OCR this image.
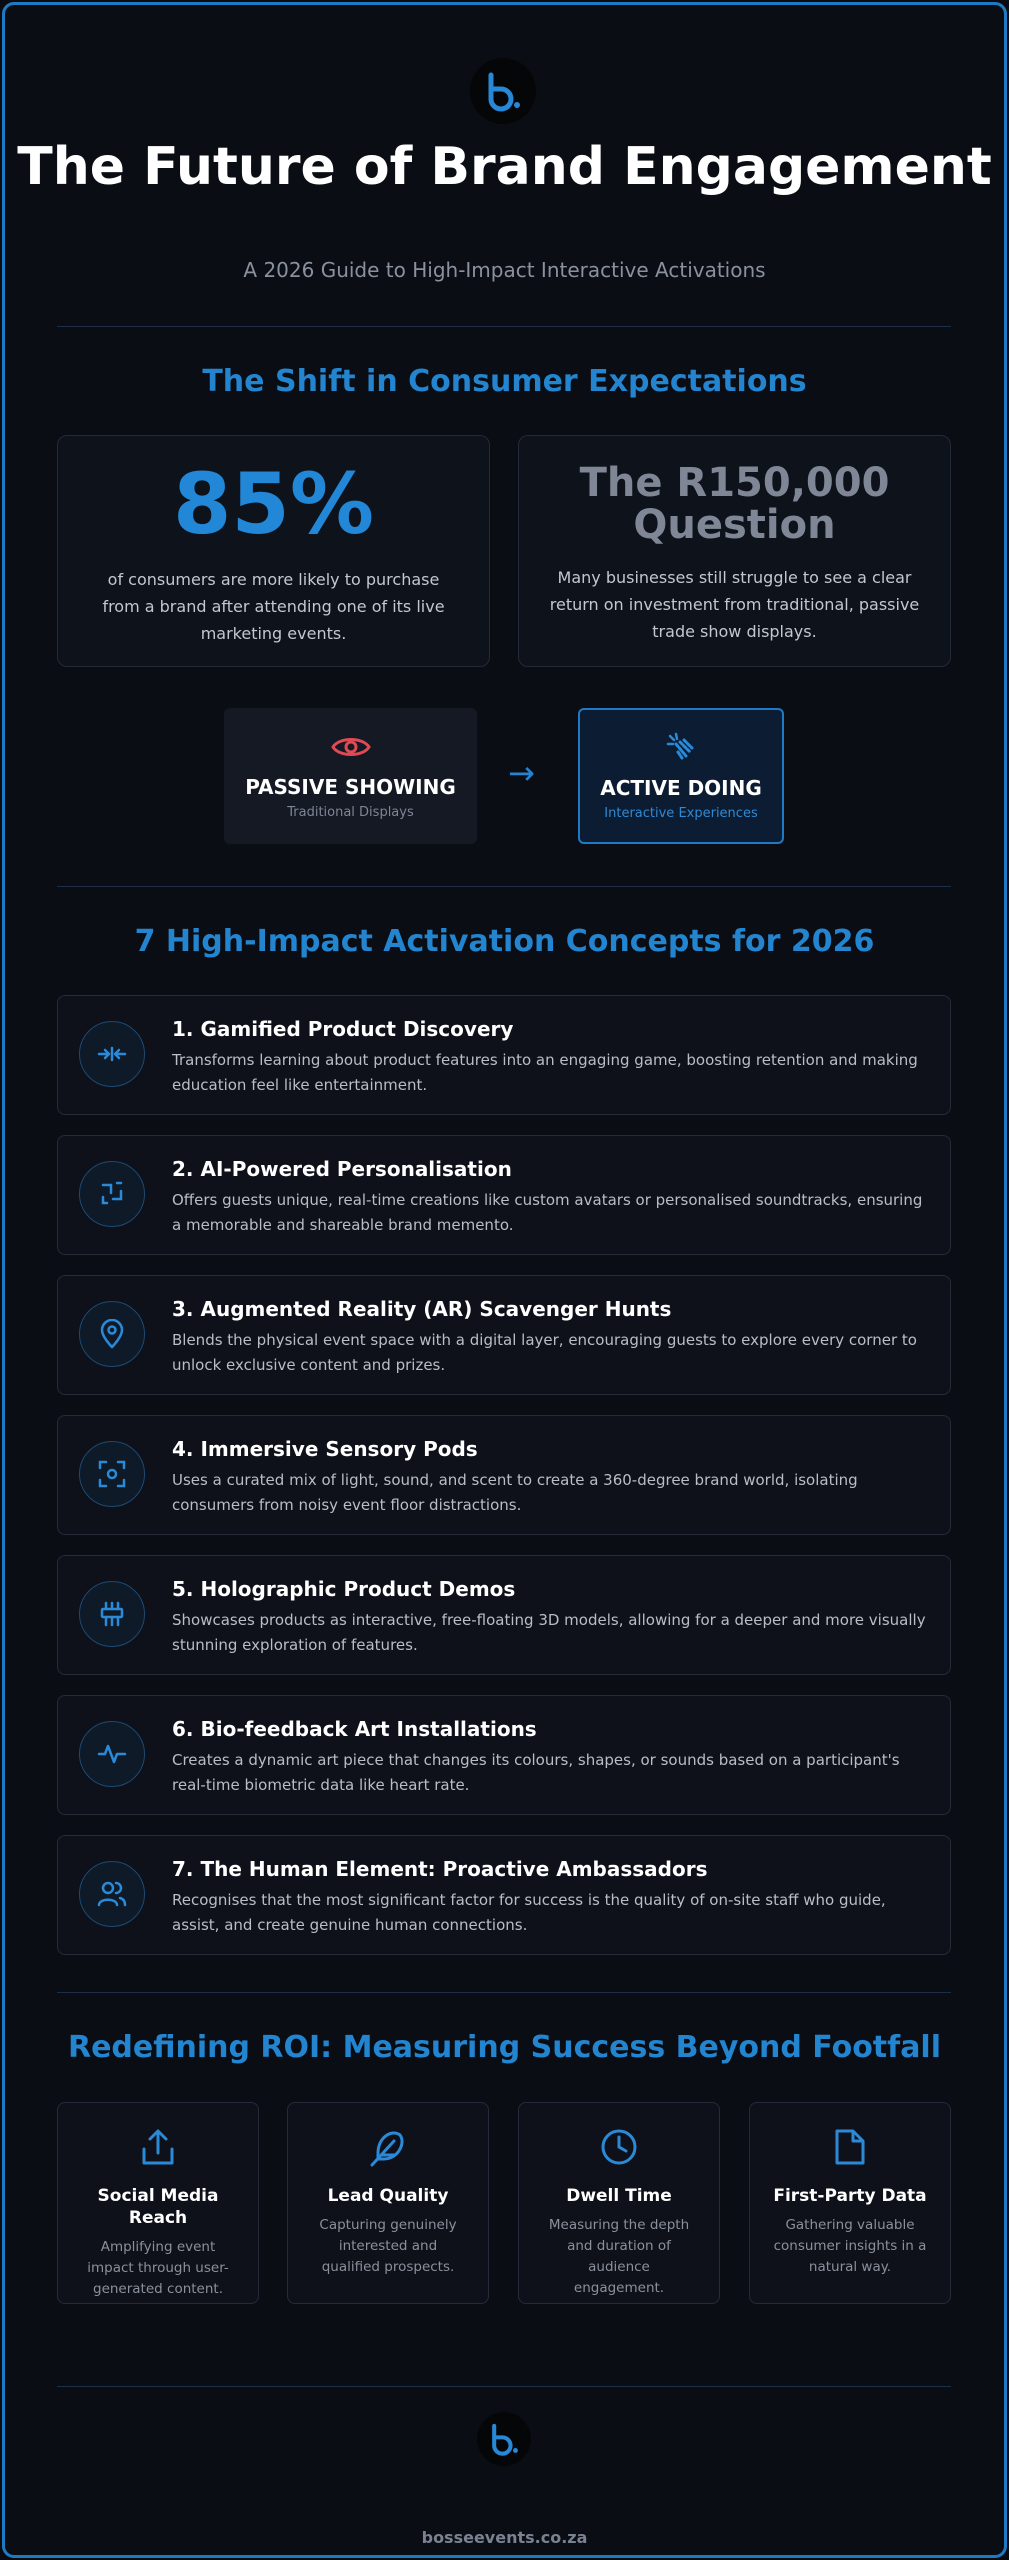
The Future of Brand Engagement
A 2026 Guide to High-Impact Interactive Activations
The Shift in Consumer Expectations
85%
of consumers are more likely to purchase from a brand after attending one of its live marketing events.
The R150,000 Question
Many businesses still struggle to see a clear return on investment from traditional, passive trade show displays.
PASSIVE SHOWING
Traditional Displays
→	ACTIVE DOING
Interactive Experiences
7 High-Impact Activation Concepts for 2026
1. Gamified Product Discovery
Transforms learning about product features into an engaging game, boosting retention and making education feel like entertainment.
2. AI-Powered Personalisation
Offers guests unique, real-time creations like custom avatars or personalised soundtracks, ensuring a memorable and shareable brand memento.
3. Augmented Reality (AR) Scavenger Hunts
Blends the physical event space with a digital layer, encouraging guests to explore every corner to unlock exclusive content and prizes.
4. Immersive Sensory Pods
Uses a curated mix of light, sound, and scent to create a 360-degree brand world, isolating consumers from noisy event floor distractions.
5. Holographic Product Demos
Showcases products as interactive, free-floating 3D models, allowing for a deeper and more visually stunning exploration of features.
6. Bio-feedback Art Installations
Creates a dynamic art piece that changes its colours, shapes, or sounds based on a participant's real-time biometric data like heart rate.
7. The Human Element: Proactive Ambassadors
Recognises that the most significant factor for success is the quality of on-site staff who guide, assist, and create genuine human connections.
Redefining ROI: Measuring Success Beyond Footfall
Social Media Reach
Amplifying event impact through user-generated content.
Lead Quality
Capturing genuinely interested and qualified prospects.
Dwell Time
Measuring the depth and duration of audience engagement.
First-Party Data
Gathering valuable consumer insights in a natural way.
bosseevents.co.za
